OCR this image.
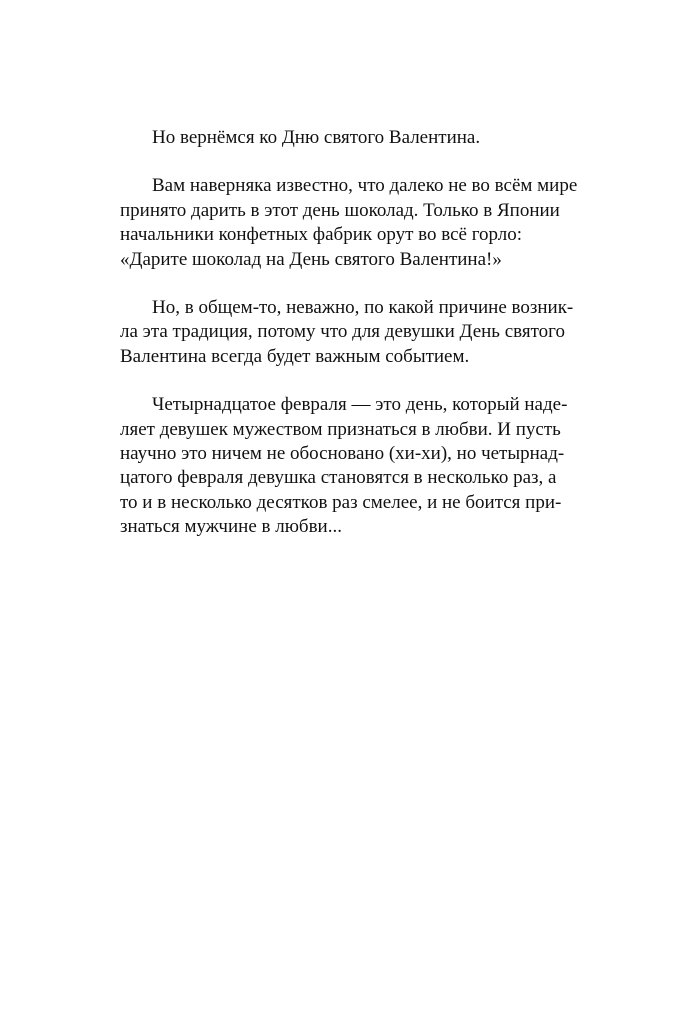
Но вернёмся ко Дню святого Валентина.
Вам наверняка известно, что далеко не во всём мире
принято дарить в этот день шоколад. Только в Японии
начальники конфетных фабрик орут во всё горло:
«Дарите шоколад на День святого Валентина!»
Но, в общем-то, неважно, по какой причине возник-
ла эта традиция, потому что для девушки День святого
Валентина всегда будет важным событием.
Четырнадцатое февраля — это день, который наде-
ляет девушек мужеством признаться в любви. И пусть
научно это ничем не обосновано (хи-хи), но четырнад-
цатого февраля девушка становятся в несколько раз, а
то и в несколько десятков раз смелее, и не боится при-
знаться мужчине в любви...
